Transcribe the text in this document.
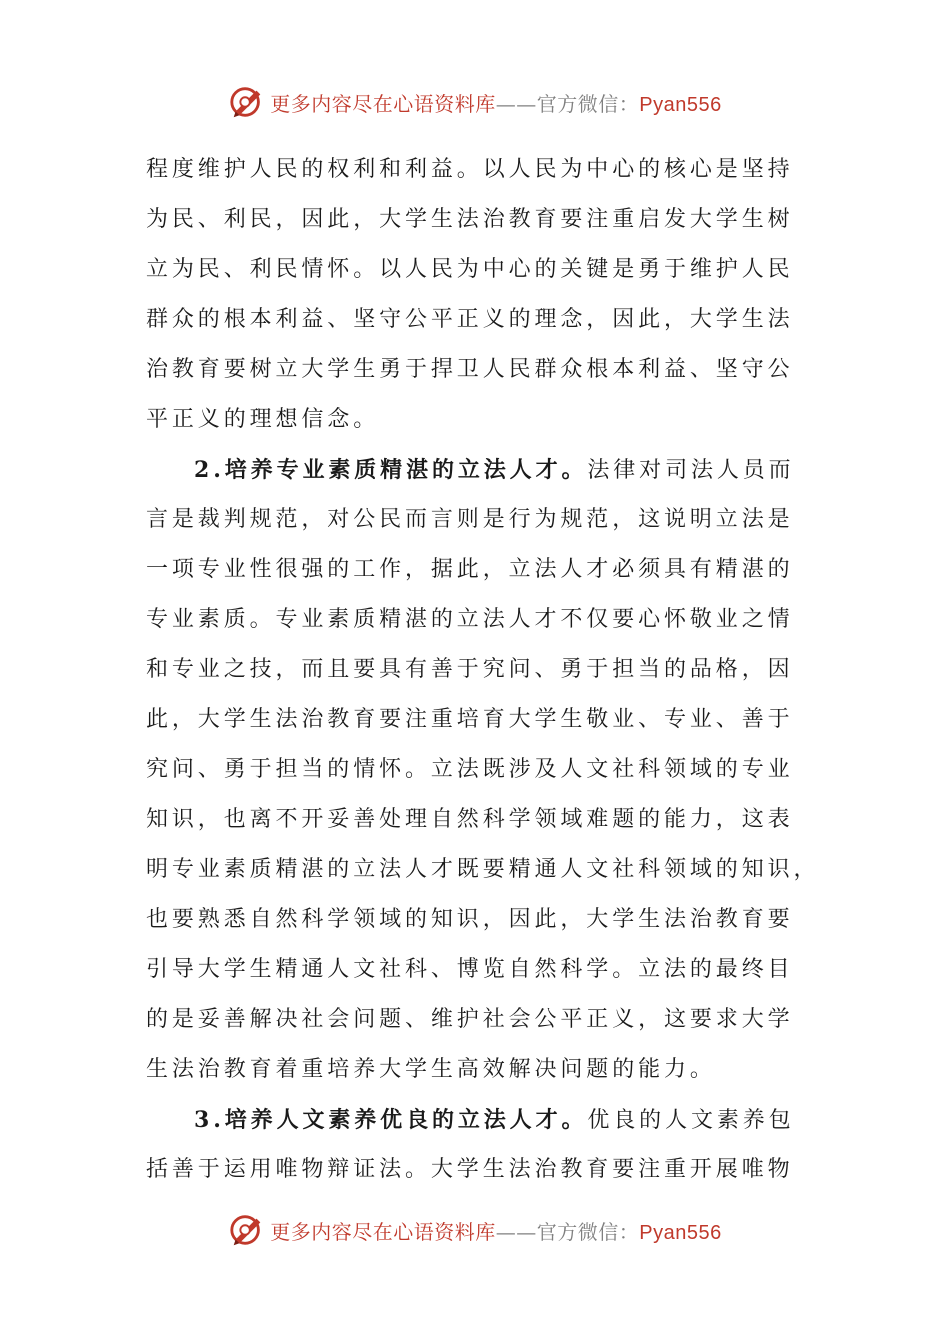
更多内容尽在心语资料库——官方微信：Pyan556
程度维护人民的权利和利益。以人民为中心的核心是坚持
为民、利民，因此，大学生法治教育要注重启发大学生树
立为民、利民情怀。以人民为中心的关键是勇于维护人民
群众的根本利益、坚守公平正义的理念，因此，大学生法
治教育要树立大学生勇于捍卫人民群众根本利益、坚守公
平正义的理想信念。
2.培养专业素质精湛的立法人才。法律对司法人员而
言是裁判规范，对公民而言则是行为规范，这说明立法是
一项专业性很强的工作，据此，立法人才必须具有精湛的
专业素质。专业素质精湛的立法人才不仅要心怀敬业之情
和专业之技，而且要具有善于究问、勇于担当的品格，因
此，大学生法治教育要注重培育大学生敬业、专业、善于
究问、勇于担当的情怀。立法既涉及人文社科领域的专业
知识，也离不开妥善处理自然科学领域难题的能力，这表
明专业素质精湛的立法人才既要精通人文社科领域的知识，
也要熟悉自然科学领域的知识，因此，大学生法治教育要
引导大学生精通人文社科、博览自然科学。立法的最终目
的是妥善解决社会问题、维护社会公平正义，这要求大学
生法治教育着重培养大学生高效解决问题的能力。
3.培养人文素养优良的立法人才。优良的人文素养包
括善于运用唯物辩证法。大学生法治教育要注重开展唯物
更多内容尽在心语资料库——官方微信：Pyan556
